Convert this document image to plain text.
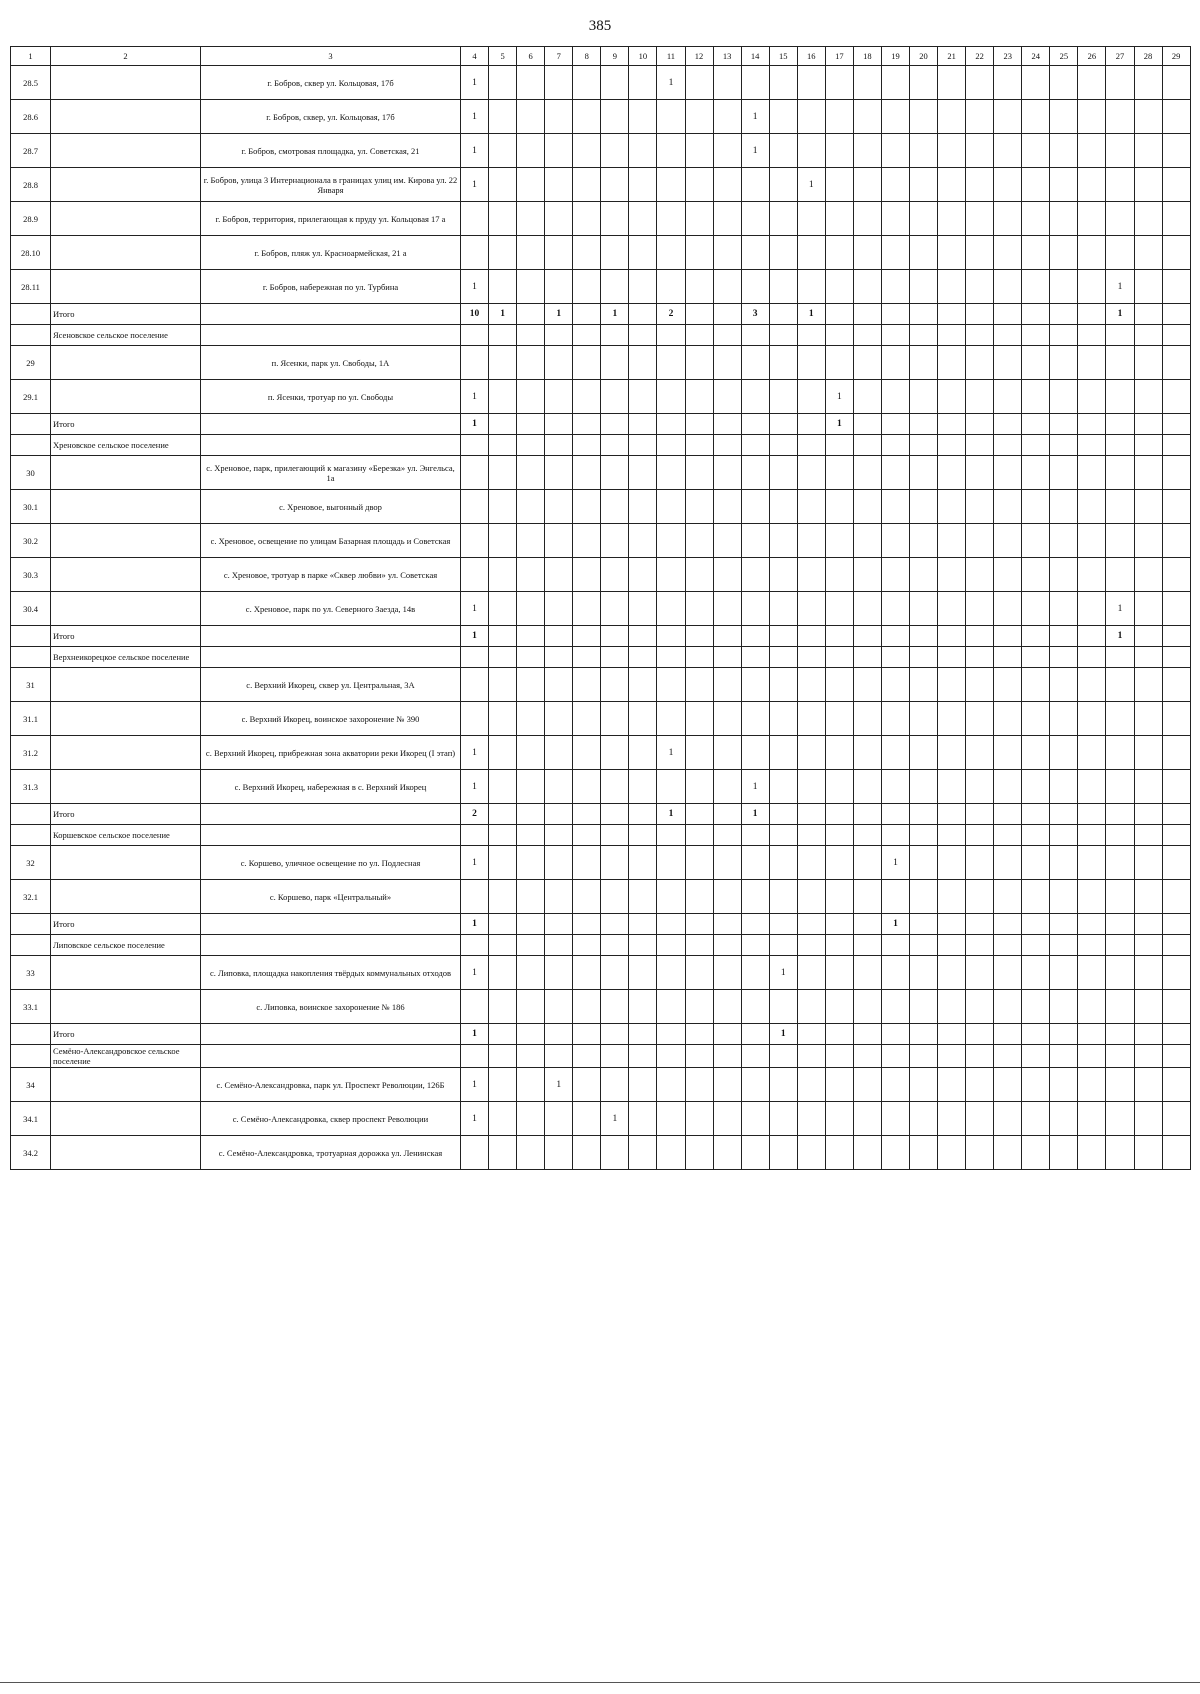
385
1	2	3	4	5	6	7	8	9	10	11	12	13	14	15	16	17	18	19	20	21	22	23	24	25	26	27	28	29
28.5		г. Бобров, сквер ул. Кольцовая, 17б	1							1																		
28.6		г. Бобров, сквер, ул. Кольцовая, 17б	1										1															
28.7		г. Бобров, смотровая площадка, ул. Советская, 21	1										1															
28.8		г. Бобров, улица 3 Интернационала в границах улиц им. Кирова ул. 22 Января	1												1													
28.9		г. Бобров, территория, прилегающая к пруду ул. Кольцовая 17 а																										
28.10		г. Бобров, пляж ул. Красноармейская, 21 а																										
28.11		г. Бобров, набережная по ул. Турбина	1																							1		
	Итого		10	1		1		1		2			3		1											1		
	Ясеновское сельское поселение																											
29		п. Ясенки, парк ул. Свободы, 1А																										
29.1		п. Ясенки, тротуар по ул. Свободы	1													1												
	Итого		1													1												
	Хреновское сельское поселение																											
30		с. Хреновое, парк, прилегающий к магазину «Березка» ул. Энгельса, 1а																										
30.1		с. Хреновое, выгонный двор																										
30.2		с. Хреновое, освещение по улицам Базарная площадь и Советская																										
30.3		с. Хреновое, тротуар в парке «Сквер любви» ул. Советская																										
30.4		с. Хреновое, парк по ул. Северного Заезда, 14в	1																							1		
	Итого		1																							1		
	Верхнеикорецкое сельское поселение																											
31		с. Верхний Икорец, сквер ул. Центральная, 3А																										
31.1		с. Верхний Икорец, воинское захоронение № 390																										
31.2		с. Верхний Икорец, прибрежная зона акватории реки Икорец (I этап)	1							1																		
31.3		с. Верхний Икорец, набережная в с. Верхний Икорец	1										1															
	Итого		2							1			1															
	Коршевское сельское поселение																											
32		с. Коршево, уличное освещение по ул. Подлесная	1															1										
32.1		с. Коршево, парк «Центральный»																										
	Итого		1															1										
	Липовское сельское поселение																											
33		с. Липовка, площадка накопления твёрдых коммунальных отходов	1											1														
33.1		с. Липовка, воинское захоронение № 186																										
	Итого		1											1														
	Семёно-Александровское сельское поселение																											
34		с. Семёно-Александровка, парк ул. Проспект Революции, 126Б	1			1																						
34.1		с. Семёно-Александровка, сквер проспект Революции	1					1																				
34.2		с. Семёно-Александровка, тротуарная дорожка ул. Ленинская																										
